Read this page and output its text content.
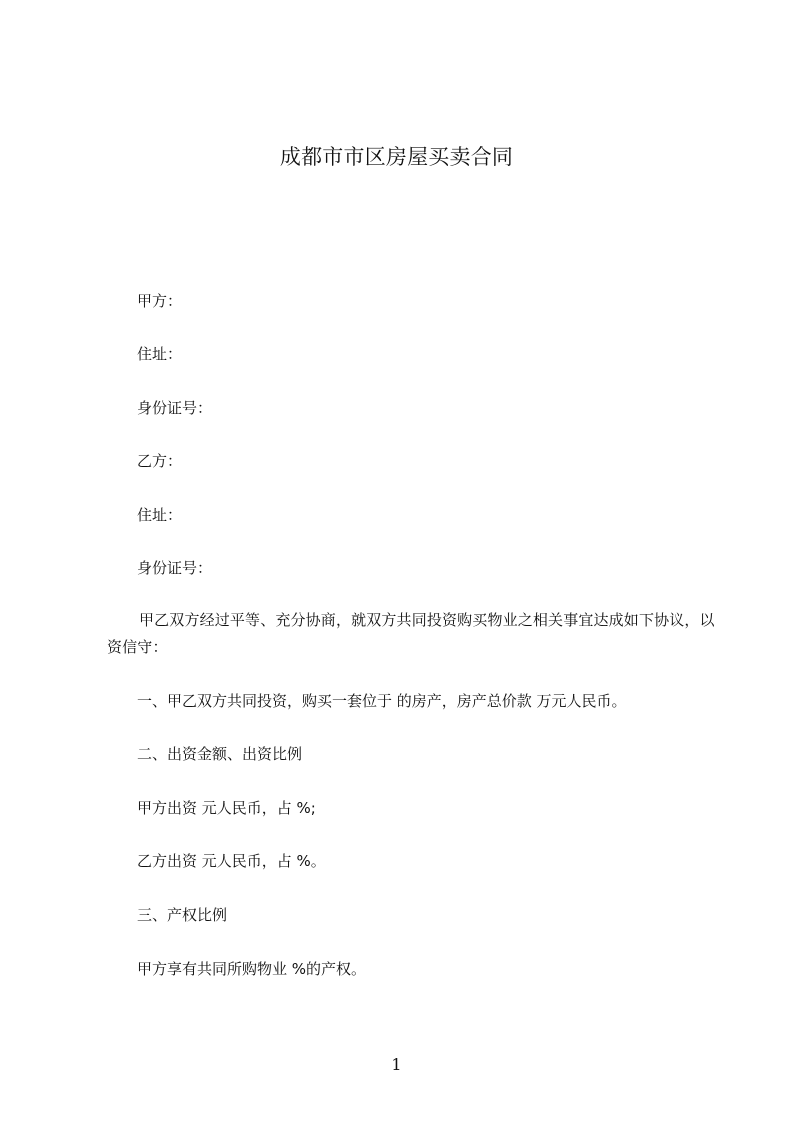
成都市市区房屋买卖合同
甲方：
住址：
身份证号：
乙方：
住址：
身份证号：
甲乙双方经过平等、充分协商，就双方共同投资购买物业之相关事宜达成如下协议，以资信守：
一、甲乙双方共同投资，购买一套位于 的房产，房产总价款 万元人民币。
二、出资金额、出资比例
甲方出资 元人民币，占 %;
乙方出资 元人民币，占 %。
三、产权比例
甲方享有共同所购物业 %的产权。
1
